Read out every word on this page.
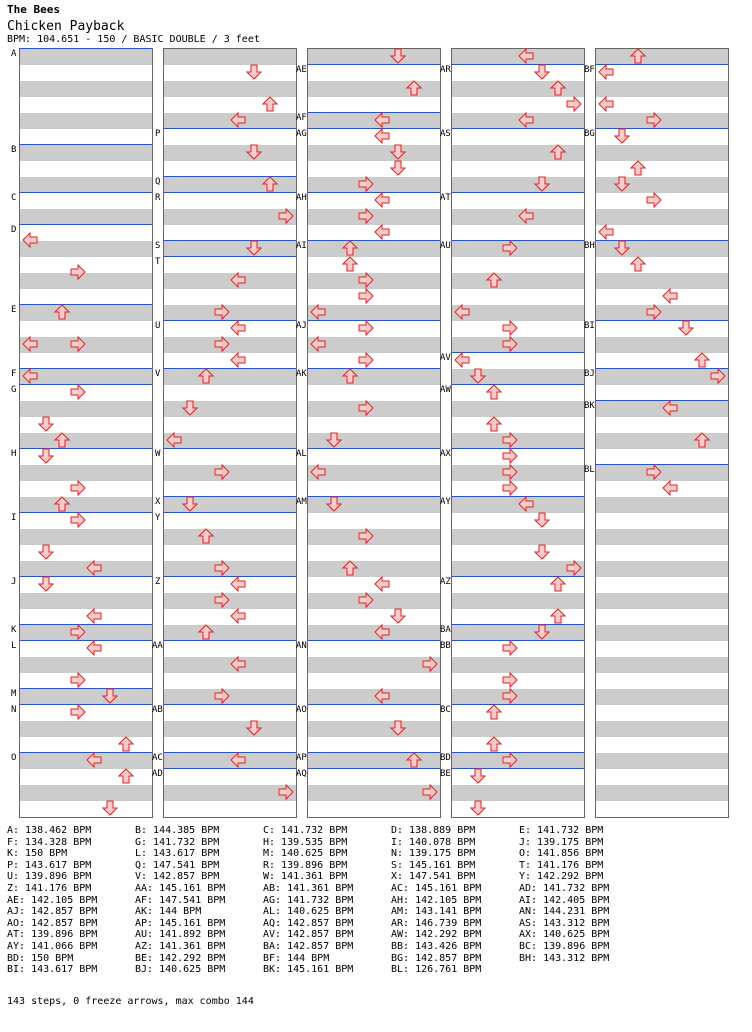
The Bees
Chicken Payback
BPM: 104.651 - 150 / BASIC DOUBLE / 3 feet
A
B
C
D
E
F
G
H
I
J
K
L
M
N
O
P
Q
R
S
T
U
V
W
X
Y
Z
AA
AB
AC
AD
AE
AF
AG
AH
AI
AJ
AK
AL
AM
AN
AO
AP
AQ
AR
AS
AT
AU
AV
AW
AX
AY
AZ
BA
BB
BC
BD
BE
BF
BG
BH
BI
BJ
BK
BL
A: 138.462 BPM	B: 144.385 BPM	C: 141.732 BPM	D: 138.889 BPM	E: 141.732 BPM
F: 134.328 BPM	G: 141.732 BPM	H: 139.535 BPM	I: 140.078 BPM	J: 139.175 BPM
K: 150 BPM	L: 143.617 BPM	M: 140.625 BPM	N: 139.175 BPM	O: 141.856 BPM
P: 143.617 BPM	Q: 147.541 BPM	R: 139.896 BPM	S: 145.161 BPM	T: 141.176 BPM
U: 139.896 BPM	V: 142.857 BPM	W: 141.361 BPM	X: 147.541 BPM	Y: 142.292 BPM
Z: 141.176 BPM	AA: 145.161 BPM	AB: 141.361 BPM	AC: 145.161 BPM	AD: 141.732 BPM
AE: 142.105 BPM	AF: 147.541 BPM	AG: 141.732 BPM	AH: 142.105 BPM	AI: 142.405 BPM
AJ: 142.857 BPM	AK: 144 BPM	AL: 140.625 BPM	AM: 143.141 BPM	AN: 144.231 BPM
AO: 142.857 BPM	AP: 145.161 BPM	AQ: 142.857 BPM	AR: 146.739 BPM	AS: 143.312 BPM
AT: 139.896 BPM	AU: 141.892 BPM	AV: 142.857 BPM	AW: 142.292 BPM	AX: 140.625 BPM
AY: 141.066 BPM	AZ: 141.361 BPM	BA: 142.857 BPM	BB: 143.426 BPM	BC: 139.896 BPM
BD: 150 BPM	BE: 142.292 BPM	BF: 144 BPM	BG: 142.857 BPM	BH: 143.312 BPM
BI: 143.617 BPM	BJ: 140.625 BPM	BK: 145.161 BPM	BL: 126.761 BPM
143 steps, 0 freeze arrows, max combo 144
